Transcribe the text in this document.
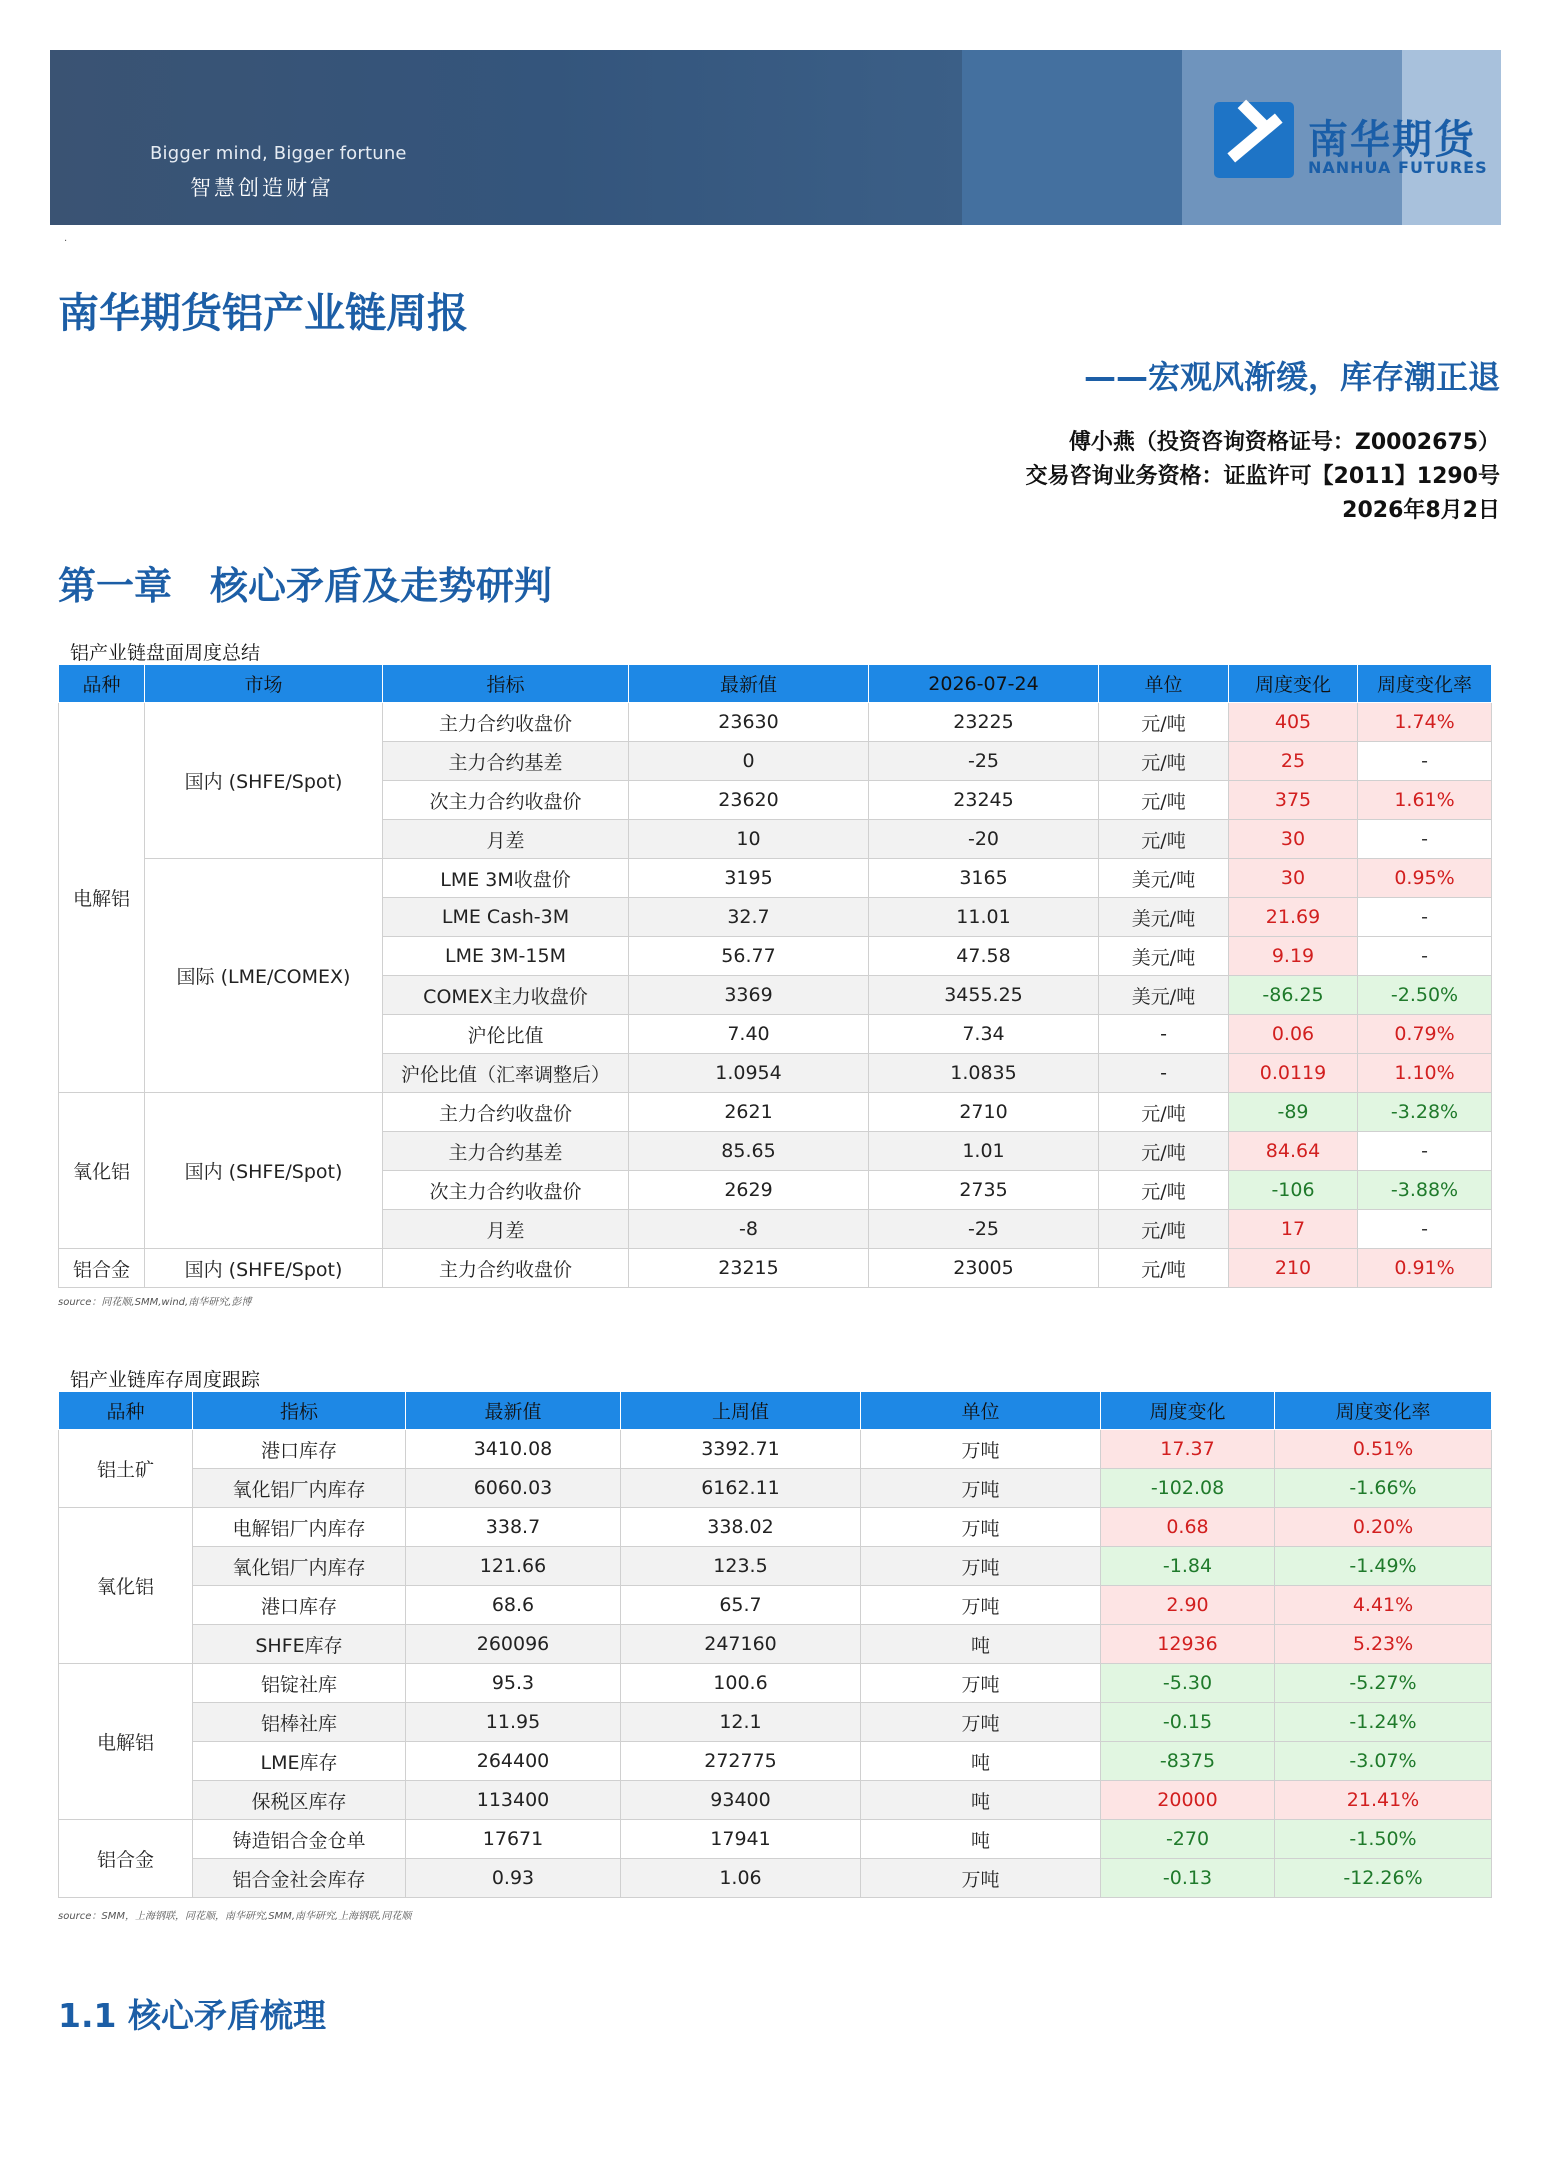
Bigger mind, Bigger fortune
智慧创造财富
南华期货
NANHUA FUTURES
·
南华期货铝产业链周报
——宏观风渐缓，库存潮正退
傅小燕（投资咨询资格证号：Z0002675）
交易咨询业务资格：证监许可【2011】1290号
2026年8月2日
第一章　核心矛盾及走势研判
铝产业链盘面周度总结
品种	市场	指标	最新值	2026-07-24	单位	周度变化	周度变化率
电解铝	国内 (SHFE/Spot)	主力合约收盘价	23630	23225	元/吨	405	1.74%
		主力合约基差	0	-25	元/吨	25	-
		次主力合约收盘价	23620	23245	元/吨	375	1.61%
		月差	10	-20	元/吨	30	-
	国际 (LME/COMEX)	LME 3M收盘价	3195	3165	美元/吨	30	0.95%
		LME Cash-3M	32.7	11.01	美元/吨	21.69	-
		LME 3M-15M	56.77	47.58	美元/吨	9.19	-
		COMEX主力收盘价	3369	3455.25	美元/吨	-86.25	-2.50%
		沪伦比值	7.40	7.34	-	0.06	0.79%
		沪伦比值（汇率调整后）	1.0954	1.0835	-	0.0119	1.10%
氧化铝	国内 (SHFE/Spot)	主力合约收盘价	2621	2710	元/吨	-89	-3.28%
		主力合约基差	85.65	1.01	元/吨	84.64	-
		次主力合约收盘价	2629	2735	元/吨	-106	-3.88%
		月差	-8	-25	元/吨	17	-
铝合金	国内 (SHFE/Spot)	主力合约收盘价	23215	23005	元/吨	210	0.91%
source：同花顺,SMM,wind,南华研究,彭博
铝产业链库存周度跟踪
品种	指标	最新值	上周值	单位	周度变化	周度变化率
铝土矿	港口库存	3410.08	3392.71	万吨	17.37	0.51%
	氧化铝厂内库存	6060.03	6162.11	万吨	-102.08	-1.66%
氧化铝	电解铝厂内库存	338.7	338.02	万吨	0.68	0.20%
	氧化铝厂内库存	121.66	123.5	万吨	-1.84	-1.49%
	港口库存	68.6	65.7	万吨	2.90	4.41%
	SHFE库存	260096	247160	吨	12936	5.23%
电解铝	铝锭社库	95.3	100.6	万吨	-5.30	-5.27%
	铝棒社库	11.95	12.1	万吨	-0.15	-1.24%
	LME库存	264400	272775	吨	-8375	-3.07%
	保税区库存	113400	93400	吨	20000	21.41%
铝合金	铸造铝合金仓单	17671	17941	吨	-270	-1.50%
	铝合金社会库存	0.93	1.06	万吨	-0.13	-12.26%
source：SMM，上海钢联，同花顺，南华研究,SMM,南华研究,上海钢联,同花顺
1.1 核心矛盾梳理
